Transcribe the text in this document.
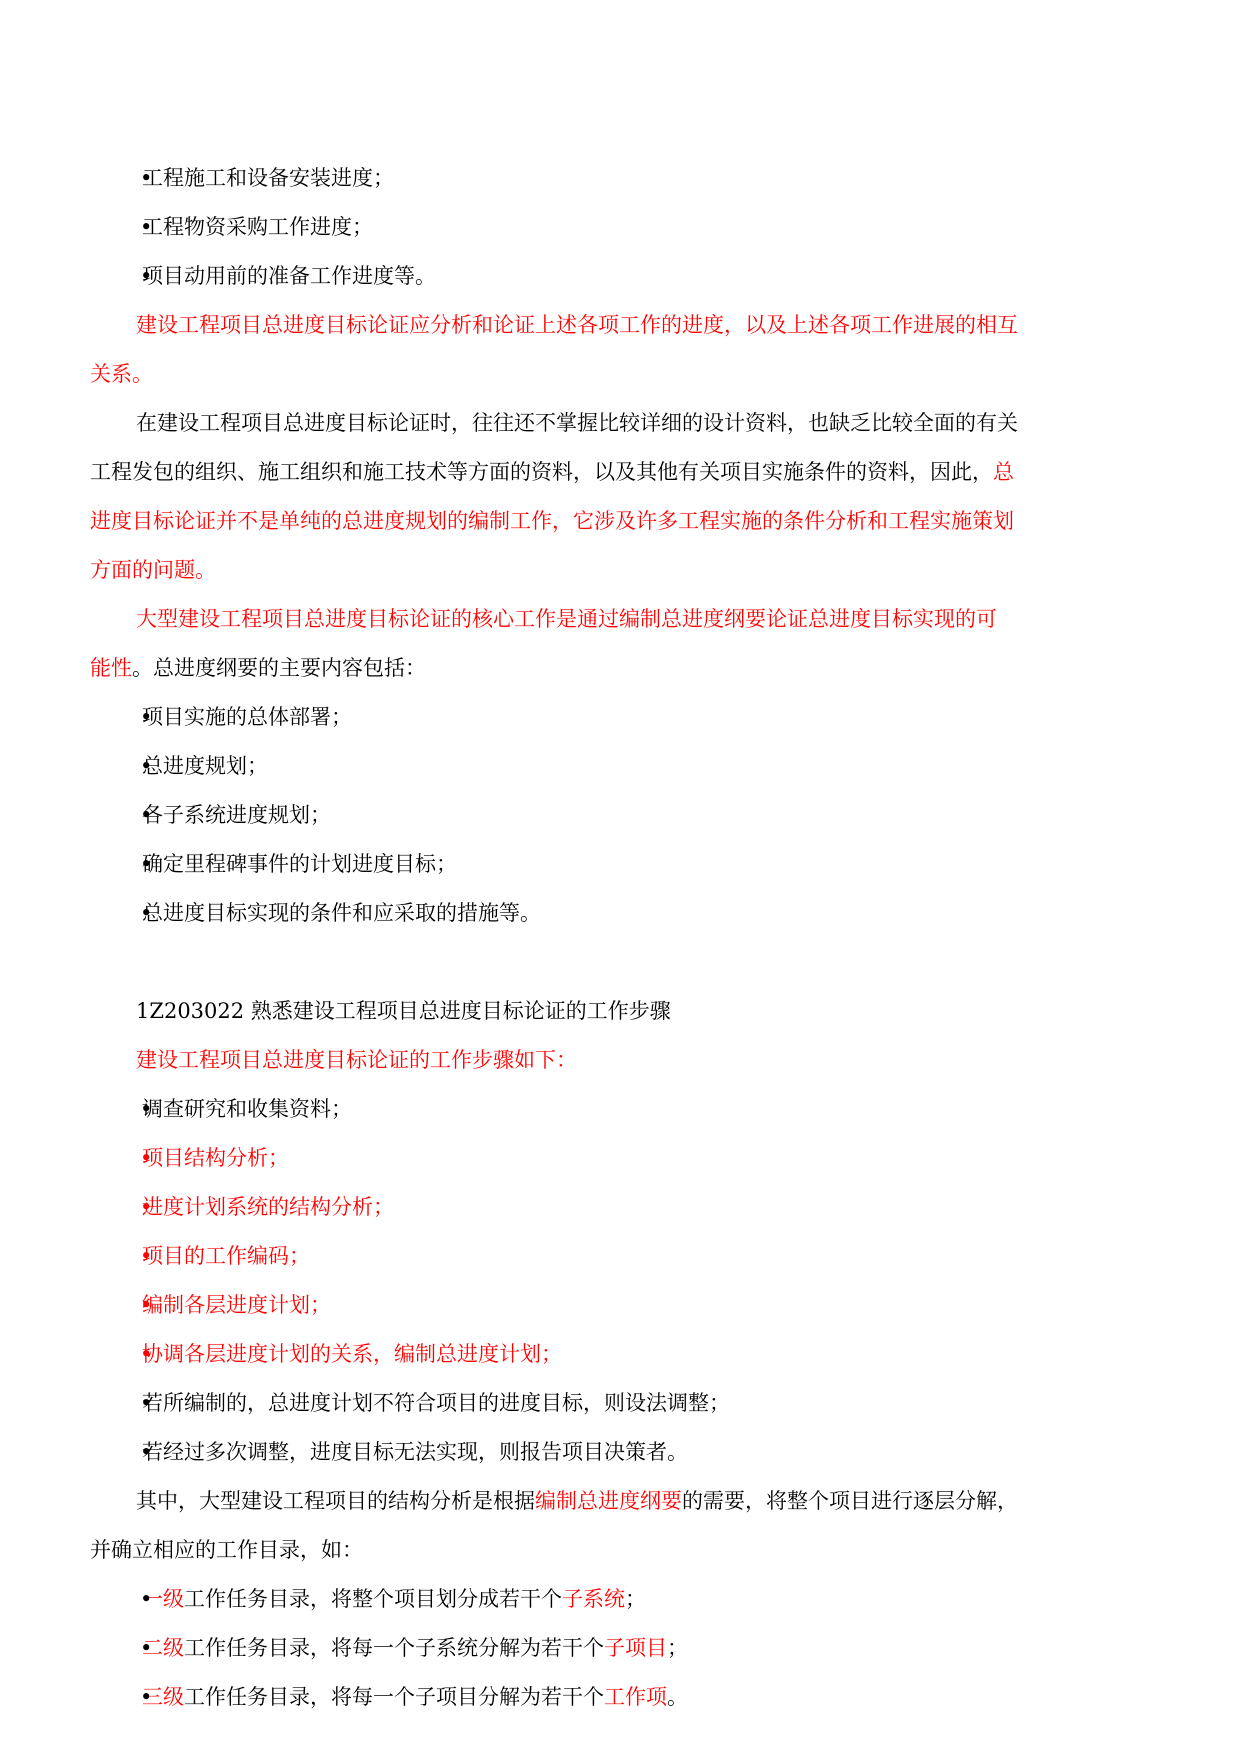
• 工程施工和设备安装进度；
• 工程物资采购工作进度；
• 项目动用前的准备工作进度等。
建设工程项目总进度目标论证应分析和论证上述各项工作的进度，以及上述各项工作进展的相互
关系。
在建设工程项目总进度目标论证时，往往还不掌握比较详细的设计资料，也缺乏比较全面的有关
工程发包的组织、施工组织和施工技术等方面的资料，以及其他有关项目实施条件的资料，因此，总
进度目标论证并不是单纯的总进度规划的编制工作，它涉及许多工程实施的条件分析和工程实施策划
方面的问题。
大型建设工程项目总进度目标论证的核心工作是通过编制总进度纲要论证总进度目标实现的可
能性。总进度纲要的主要内容包括：
• 项目实施的总体部署；
• 总进度规划；
• 各子系统进度规划；
• 确定里程碑事件的计划进度目标；
• 总进度目标实现的条件和应采取的措施等。
1Z203022 熟悉建设工程项目总进度目标论证的工作步骤
建设工程项目总进度目标论证的工作步骤如下：
• 调查研究和收集资料；
• 项目结构分析；
• 进度计划系统的结构分析；
• 项目的工作编码；
• 编制各层进度计划；
• 协调各层进度计划的关系，编制总进度计划；
• 若所编制的，总进度计划不符合项目的进度目标，则设法调整；
• 若经过多次调整，进度目标无法实现，则报告项目决策者。
其中，大型建设工程项目的结构分析是根据编制总进度纲要的需要，将整个项目进行逐层分解，
并确立相应的工作目录，如：
• 一级工作任务目录，将整个项目划分成若干个子系统；
• 二级工作任务目录，将每一个子系统分解为若干个子项目；
• 三级工作任务目录，将每一个子项目分解为若干个工作项。
